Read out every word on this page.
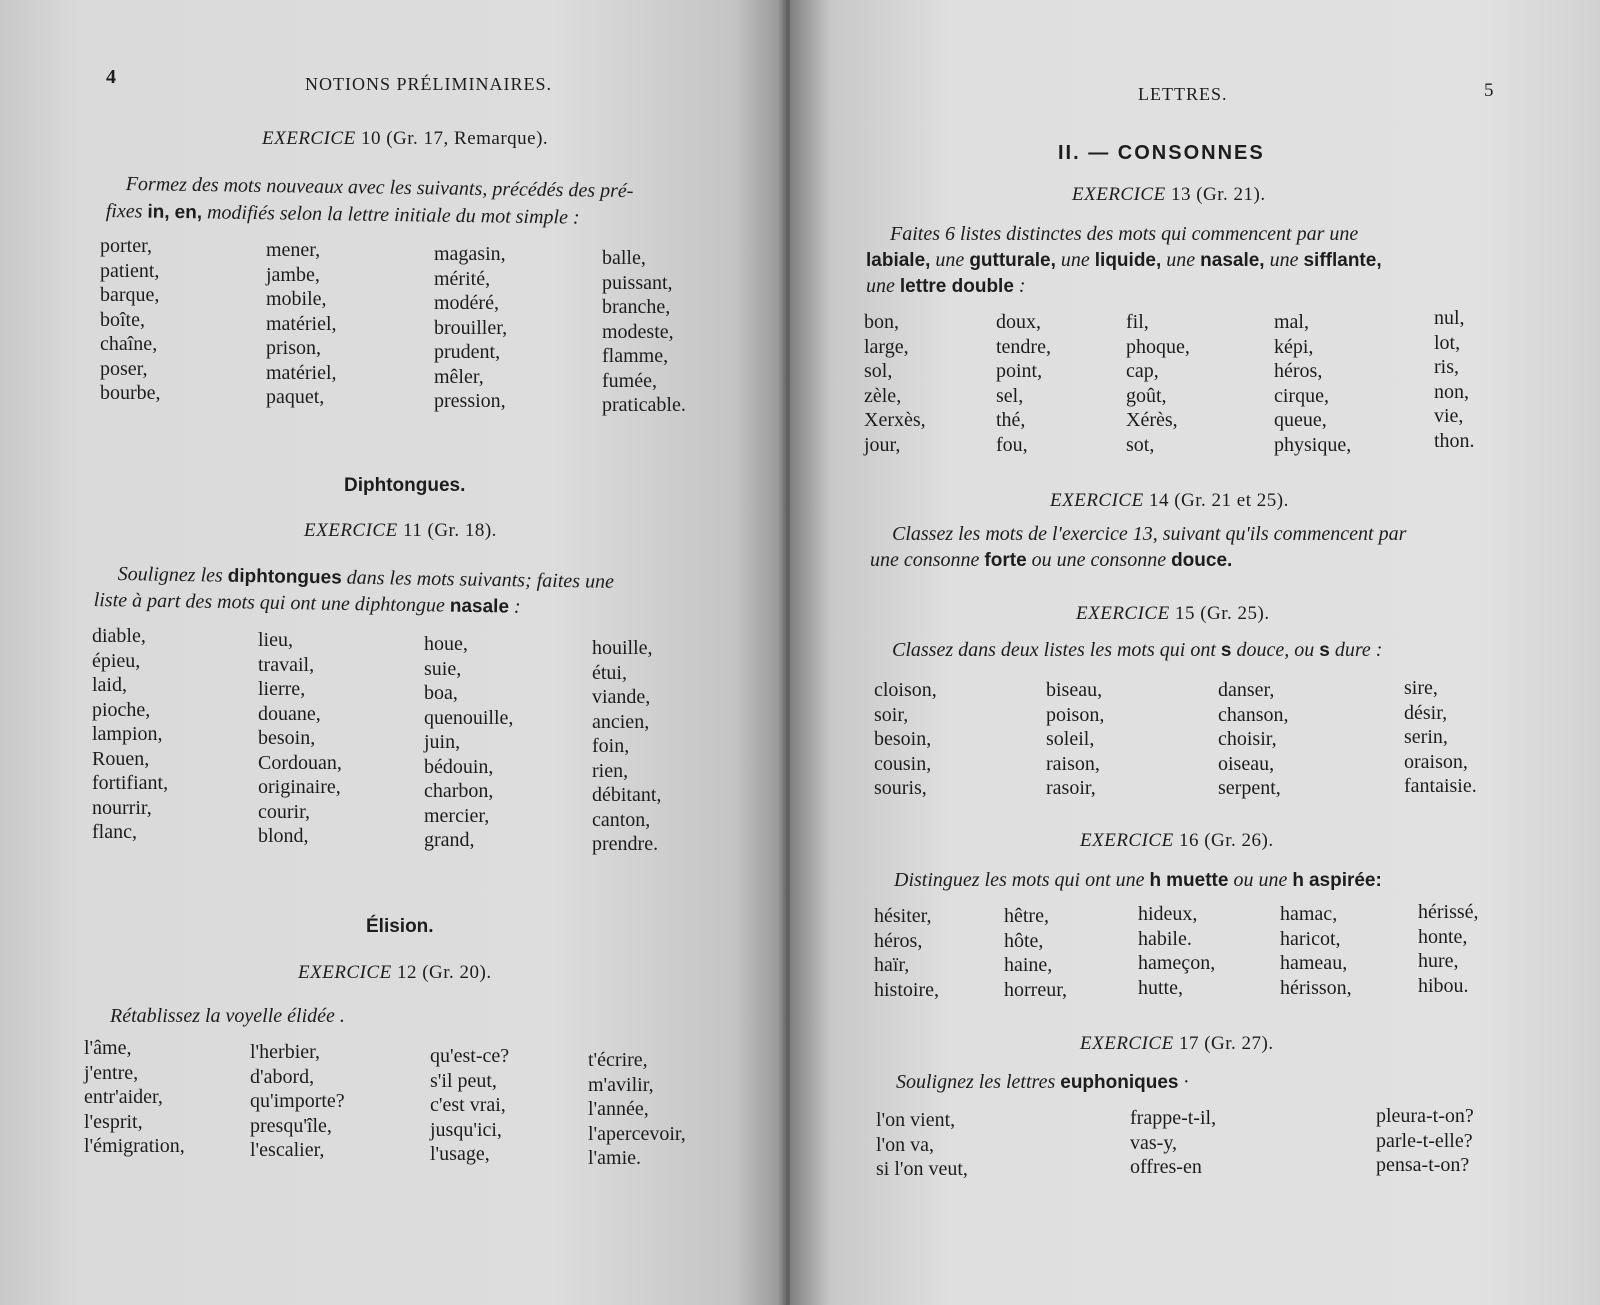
4	NOTIONS PRÉLIMINAIRES.
EXERCICE 10 (Gr. 17, Remarque).
Formez des mots nouveaux avec les suivants, précédés des pré-
fixes in, en, modifiés selon la lettre initiale du mot simple :
porter,
patient,
barque,
boîte,
chaîne,
poser,
bourbe,
mener,
jambe,
mobile,
matériel,
prison,
matériel,
paquet,
magasin,
mérité,
modéré,
brouiller,
prudent,
mêler,
pression,
balle,
puissant,
branche,
modeste,
flamme,
fumée,
praticable.
Diphtongues.
EXERCICE 11 (Gr. 18).
Soulignez les diphtongues dans les mots suivants; faites une
liste à part des mots qui ont une diphtongue nasale :
diable,
épieu,
laid,
pioche,
lampion,
Rouen,
fortifiant,
nourrir,
flanc,
lieu,
travail,
lierre,
douane,
besoin,
Cordouan,
originaire,
courir,
blond,
houe,
suie,
boa,
quenouille,
juin,
bédouin,
charbon,
mercier,
grand,
houille,
étui,
viande,
ancien,
foin,
rien,
débitant,
canton,
prendre.
Élision.
EXERCICE 12 (Gr. 20).
Rétablissez la voyelle élidée .
l'âme,
j'entre,
entr'aider,
l'esprit,
l'émigration,
l'herbier,
d'abord,
qu'importe?
presqu'île,
l'escalier,
qu'est-ce?
s'il peut,
c'est vrai,
jusqu'ici,
l'usage,
t'écrire,
m'avilir,
l'année,
l'apercevoir,
l'amie.
LETTRES.	5
II. — CONSONNES
EXERCICE 13 (Gr. 21).
Faites 6 listes distinctes des mots qui commencent par une
labiale, une gutturale, une liquide, une nasale, une sifflante,
une lettre double :
bon,
large,
sol,
zèle,
Xerxès,
jour,
doux,
tendre,
point,
sel,
thé,
fou,
fil,
phoque,
cap,
goût,
Xérès,
sot,
mal,
képi,
héros,
cirque,
queue,
physique,
nul,
lot,
ris,
non,
vie,
thon.
EXERCICE 14 (Gr. 21 et 25).
Classez les mots de l'exercice 13, suivant qu'ils commencent par
une consonne forte ou une consonne douce.
EXERCICE 15 (Gr. 25).
Classez dans deux listes les mots qui ont s douce, ou s dure :
cloison,
soir,
besoin,
cousin,
souris,
biseau,
poison,
soleil,
raison,
rasoir,
danser,
chanson,
choisir,
oiseau,
serpent,
sire,
désir,
serin,
oraison,
fantaisie.
EXERCICE 16 (Gr. 26).
Distinguez les mots qui ont une h muette ou une h aspirée:
hésiter,
héros,
haïr,
histoire,
hêtre,
hôte,
haine,
horreur,
hideux,
habile.
hameçon,
hutte,
hamac,
haricot,
hameau,
hérisson,
hérissé,
honte,
hure,
hibou.
EXERCICE 17 (Gr. 27).
Soulignez les lettres euphoniques ·
l'on vient,
l'on va,
si l'on veut,
frappe-t-il,
vas-y,
offres-en
pleura-t-on?
parle-t-elle?
pensa-t-on?
